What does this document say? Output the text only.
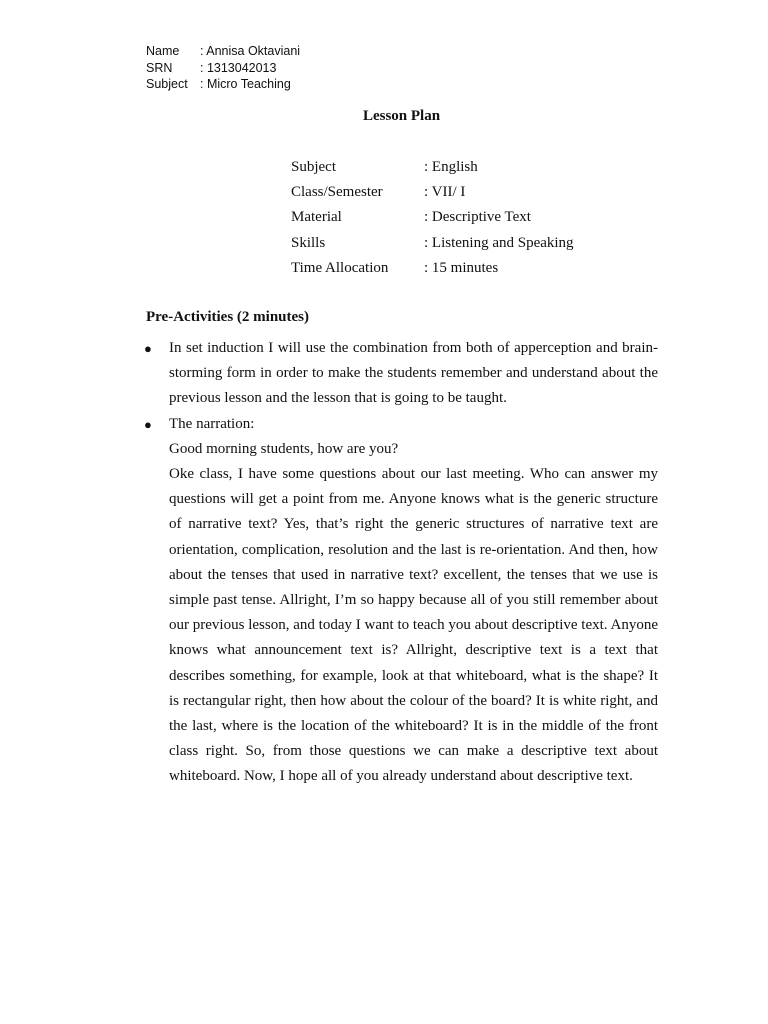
Name	: Annisa Oktaviani
SRN	: 1313042013
Subject : Micro Teaching
Lesson Plan
Subject	: English
Class/Semester	: VII/ I
Material	: Descriptive Text
Skills	: Listening and Speaking
Time Allocation	: 15 minutes
Pre-Activities (2 minutes)
● In set induction I will use the combination from both of apperception and brain-storming form in order to make the students remember and understand about the previous lesson and the lesson that is going to be taught.

● The narration:

Good morning students, how are you?

Oke class, I have some questions about our last meeting. Who can answer my questions will get a point from me. Anyone knows what is the generic structure of narrative text? Yes, that’s right the generic structures of narrative text are orientation, complication, resolution and the last is re-orientation. And then, how about the tenses that used in narrative text? excellent, the tenses that we use is simple past tense. Allright, I’m so happy because all of you still remember about our previous lesson, and today I want to teach you about descriptive text. Anyone knows what announcement text is? Allright, descriptive text is a text that describes something, for example, look at that whiteboard, what is the shape? It is rectangular right, then how about the colour of the board? It is white right, and the last, where is the location of the whiteboard? It is in the middle of the front class right. So, from those questions we can make a descriptive text about whiteboard. Now, I hope all of you already understand about descriptive text.
